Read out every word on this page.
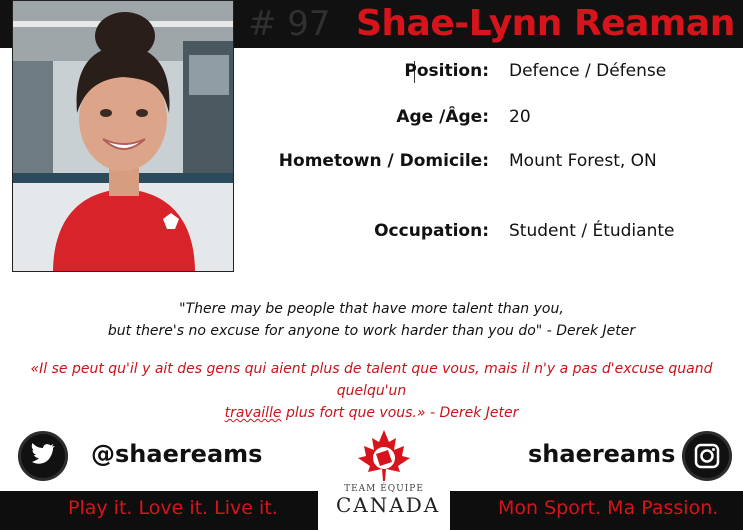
# 97 Shae-Lynn Reaman
Position: Defence / Défense
Age /Âge: 20
Hometown / Domicile: Mount Forest, ON
Occupation: Student / Étudiante
"There may be people that have more talent than you,
but there's no excuse for anyone to work harder than you do" - Derek Jeter
«Il se peut qu'il y ait des gens qui aient plus de talent que vous, mais il n'y a pas d'excuse quand quelqu'un
travaille plus fort que vous.» - Derek Jeter
@shaereams	shaereams
Play it. Love it. Live it.	Mon Sport. Ma Passion.
TEAM ÉQUIPE
CANADA
